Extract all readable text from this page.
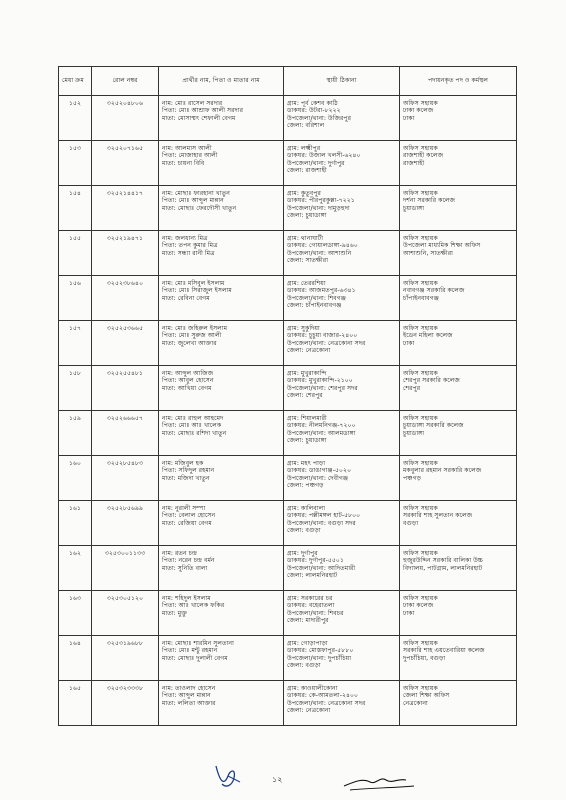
মেধা ক্রম	রোল নম্বর	প্রার্থীর নাম, পিতা ও মাতার নাম	স্থায়ী ঠিকানা	পদায়নকৃত পদ ও কর্মস্থল
১৫২	৩২৫২০৪৮০৬	নাম: মোঃ রাসেল সরদার
পিতা: মোঃ আশ্রাফ আলী সরদার
মাতা: মোসাম্মৎ শেফালী বেগম	গ্রাম: পূর্ব কেশব কাঠি
ডাকঘর: উটরা-৮২২২
উপজেলা/থানা: উজিরপুর
জেলা: বরিশাল	অফিস সহায়ক
ঢাকা কলেজ
ঢাকা

১৫৩	৩২৫২০৭১৬৫	নাম: আলমাস আলী
পিতা: মোজাহার আলী
মাতা: চায়না বিবি	গ্রাম: লক্ষ্মীপুর
ডাকঘর: উজাল খলসী-৬২৪০
উপজেলা/থানা: দুর্গাপুর
জেলা: রাজশাহী	অফিস সহায়ক
রাজশাহী কলেজ
রাজশাহী

১৫৪	৩২৫২১৪৪১৭	নাম: মোছাঃ ফারহানা খাতুন
পিতা: মোঃ আব্দুল মান্নান
মাতা: মোছাঃ ফেরদৌসী খাতুন	গ্রাম: কুতুবপুর
ডাকঘর: পীরপুরকুল্লা-৭২২১
উপজেলা/থানা: দামুড়হুদা
জেলা: চুয়াডাঙ্গা	অফিস সহায়ক
দর্শনা সরকারি কলেজ
চুয়াডাঙ্গা

১৫৫	৩২৫২১৯৪৭১	নাম: জলধান্য মিত্র
পিতা: তপন কুমার মিত্র
মাতা: সন্ধ্যা রানী মিত্র	গ্রাম: থানাঘাটী
ডাকঘর: গোয়ালডাঙ্গা-৯৪৬০
উপজেলা/থানা: আশাশুনি
জেলা: সাতক্ষীরা	অফিস সহায়ক
উপজেলা মাধ্যমিক শিক্ষা অফিস
আশাশুনি, সাতক্ষীরা

১৫৬	৩২৫২৩৮৬৪০	নাম: মোঃ মসিবুল ইসলাম
পিতা: মোঃ সিরাজুল ইসলাম
মাতা: রেবিনা বেগম	গ্রাম: তেররশিয়া
ডাকঘর: আজমতপুর-৬৩৪১
উপজেলা/থানা: শিবগঞ্জ
জেলা: চাঁপাইনবাবগঞ্জ	অফিস সহায়ক
নবাবগঞ্জ সরকারি কলেজ
চাঁপাইনবাবগঞ্জ

১৫৭	৩২৫২৫৩৬৬৫	নাম: মোঃ জহিরুল ইসলাম
পিতা: মোঃ সুরুজ আলী
মাতা: জুলেখা আক্তার	গ্রাম: সুকুদিয়া
ডাকঘর: চুচুয়া বাজার-২৪০০
উপজেলা/থানা: নেত্রকোনা সদর
জেলা: নেত্রকোনা	অফিস সহায়ক
ইডেন মহিলা কলেজ
ঢাকা

১৫৮	৩২৫২৫৫৪৮১	নাম: আব্দুল আজিজ
পিতা: আবুল হোসেন
মাতা: আখিয়া বেগম	গ্রাম: মুখুরাকান্দি
ডাকঘর: মুখুরাকান্দি-২১০০
উপজেলা/থানা: শেরপুর সদর
জেলা: শেরপুর	অফিস সহায়ক
শেরপুর সরকারি কলেজ
শেরপুর

১৫৯	৩২৫২৬৬৬৫৭	নাম: মোঃ রাহুল আহমেদ
পিতা: মোঃ আঃ খালেক
মাতা: মোছাঃ রশিদা খাতুন	গ্রাম: শিয়ালমারী
ডাকঘর: নীলমনিগঞ্জ-৭২০০
উপজেলা/থানা: আলমডাঙ্গা
জেলা: চুয়াডাঙ্গা	অফিস সহায়ক
চুয়াডাঙ্গা সরকারি কলেজ
চুয়াডাঙ্গা

১৬০	৩২৫২৮৫৪৮৩	নাম: মজিবুল হক
পিতা: সফিদুল রহমান
মাতা: মজিদা খাতুন	গ্রাম: মহৎ পাড়া
ডাকঘর: ডাঙাগাঞ্জ-৫০২০
উপজেলা/থানা: দেবীগঞ্জ
জেলা: পঞ্চগড়	অফিস সহায়ক
মকবুলার রহমান সরকারি কলেজ
পঞ্চগড়

১৬১	৩২৫২৮৫৬৯৯	নাম: নুরালী সম্পা
পিতা: বেলাল হোসেন
মাতা: রেজিয়া বেগম	গ্রাম: কালিবালা
ডাকঘর: পল্লীমঙ্গল হাট-৫৮০০
উপজেলা/থানা: বগুড়া সদর
জেলা: বগুড়া	অফিস সহায়ক
সরকারি শাহ সুলতান কলেজ
বগুড়া

১৬২	৩২৫৩০০১১৩৩	নাম: রতন চন্দ্র
পিতা: নরেন চন্দ্র বর্মন
মাতা: সুনিতি বালা	গ্রাম: দুর্গাপুর
ডাকঘর: দুর্গাপুর-৫৫০১
উপজেলা/থানা: আদিতমারী
জেলা: লালমনিরহাট	অফিস সহায়ক
হুজুরউদ্দিন সরকারি বালিকা উচ্চ
বিদ্যালয়, পাটগ্রাম, লালমনিরহাট

১৬৩	৩২৫৩০৫১২০	নাম: শহিদুল ইসলাম
পিতা: আঃ খালেক ফকির
মাতা: মুক্তু	গ্রাম: সরকারের চর
ডাকঘর: বহেরাতলা
উপজেলা/থানা: শিবচর
জেলা: মাদারীপুর	অফিস সহায়ক
ঢাকা কলেজ
ঢাকা

১৬৪	৩২৫৩১৯৬৮৮	নাম: মোছাঃ শারমিন সুলতানা
পিতা: মোঃ মন্টু রহমান
মাতা: মোছাঃ দুলালী বেগম	গ্রাম: গোড়াপাড়া
ডাকঘর: মোস্তফাপুর-৫৮৮০
উপজেলা/থানা: দুপচাঁচিয়া
জেলা: বগুড়া	অফিস সহায়ক
সরকারি শাহ এয়তেবারিয়া কলেজ
দুপচাঁচিয়া, বগুড়া

১৬৫	৩২৫৩২৩৩৩৮	নাম: তাওলাদ হোসেন
পিতা: আব্দুল মান্নান
মাতা: ললিতা আক্তার	গ্রাম: কাওয়ালীকোনা
ডাকঘর: কে-আমতলা-২৪০০
উপজেলা/থানা: নেত্রকোনা সদর
জেলা: নেত্রকোনা	অফিস সহায়ক
জেলা শিক্ষা অফিস
নেত্রকোনা
১২
